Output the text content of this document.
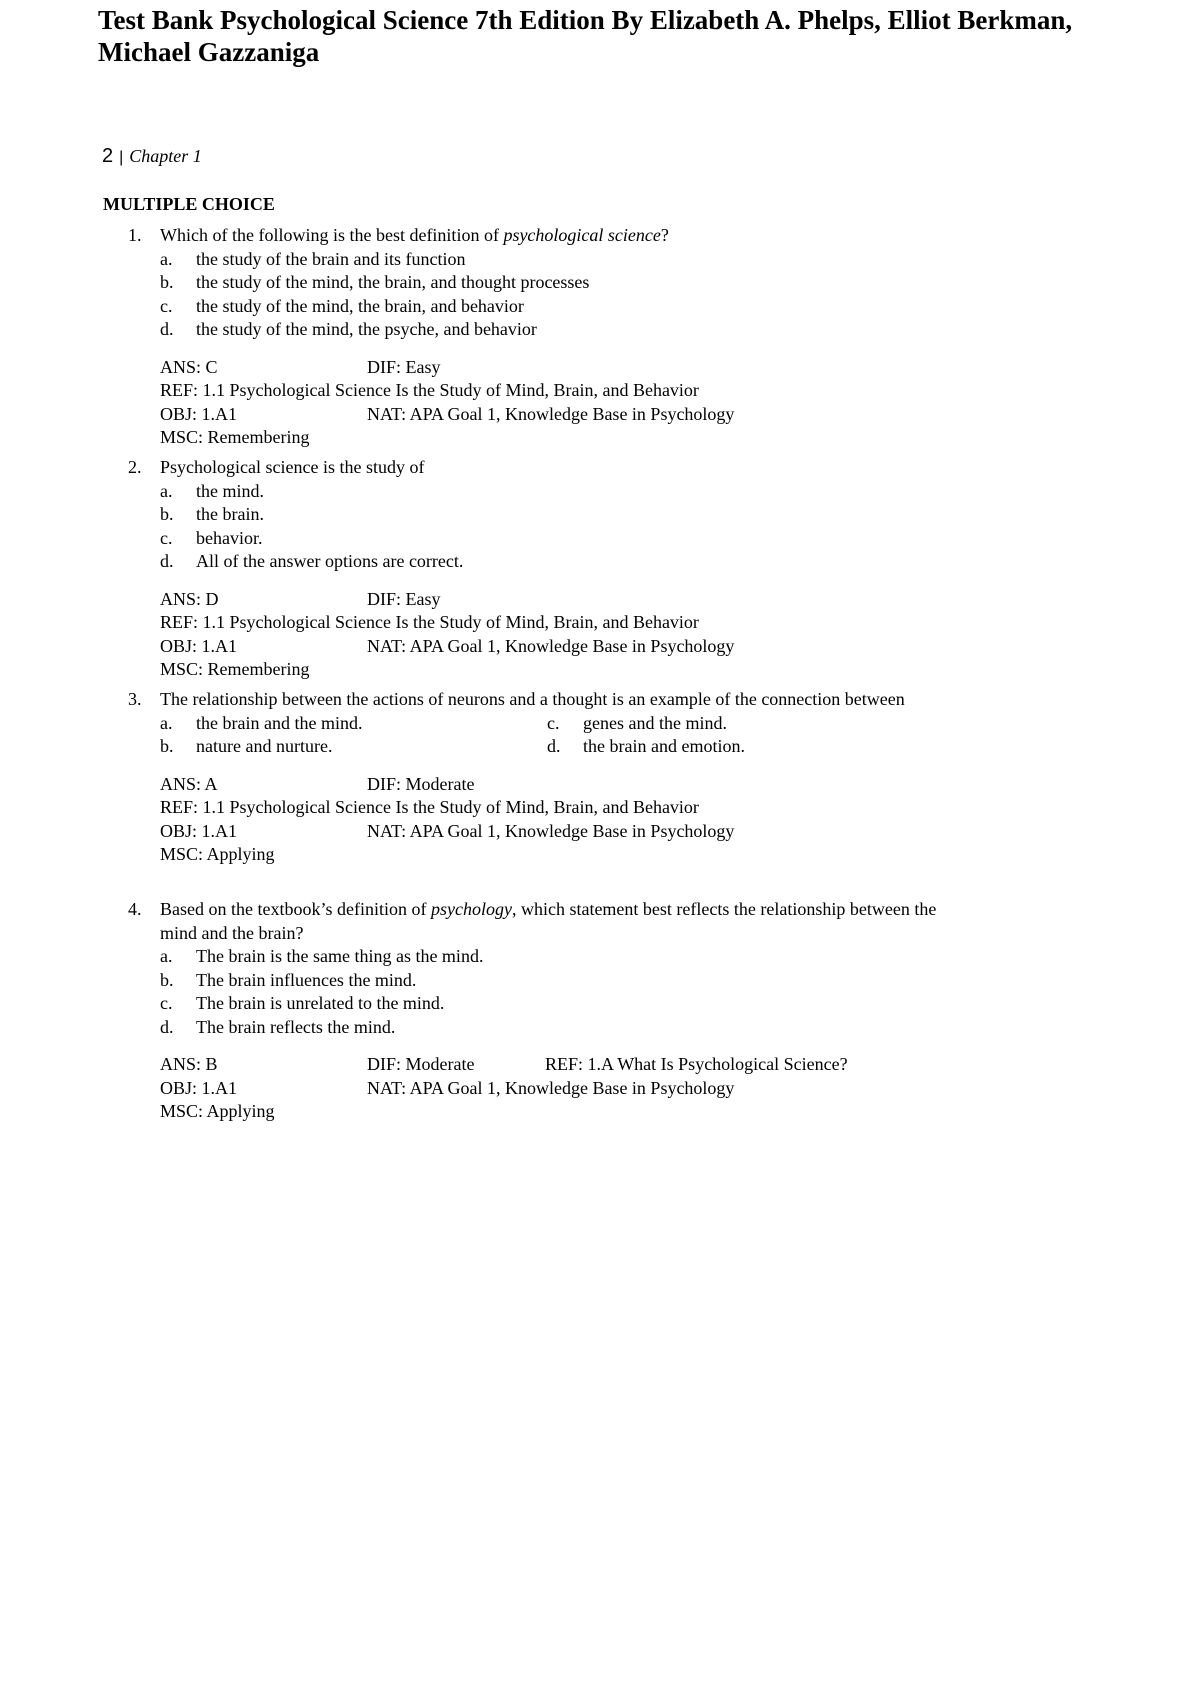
Test Bank Psychological Science 7th Edition By Elizabeth A. Phelps, Elliot Berkman, Michael Gazzaniga
2 | Chapter 1
MULTIPLE CHOICE
1. Which of the following is the best definition of psychological science?
a. the study of the brain and its function
b. the study of the mind, the brain, and thought processes
c. the study of the mind, the brain, and behavior
d. the study of the mind, the psyche, and behavior
ANS: C	DIF: Easy
REF: 1.1 Psychological Science Is the Study of Mind, Brain, and Behavior
OBJ: 1.A1	NAT: APA Goal 1, Knowledge Base in Psychology
MSC: Remembering
2. Psychological science is the study of
a. the mind.
b. the brain.
c. behavior.
d. All of the answer options are correct.
ANS: D	DIF: Easy
REF: 1.1 Psychological Science Is the Study of Mind, Brain, and Behavior
OBJ: 1.A1	NAT: APA Goal 1, Knowledge Base in Psychology
MSC: Remembering
3. The relationship between the actions of neurons and a thought is an example of the connection between
a. the brain and the mind.
b. nature and nurture.
c. genes and the mind.
d. the brain and emotion.
ANS: A	DIF: Moderate
REF: 1.1 Psychological Science Is the Study of Mind, Brain, and Behavior
OBJ: 1.A1	NAT: APA Goal 1, Knowledge Base in Psychology
MSC: Applying
4. Based on the textbook’s definition of psychology, which statement best reflects the relationship between the mind and the brain?
a. The brain is the same thing as the mind.
b. The brain influences the mind.
c. The brain is unrelated to the mind.
d. The brain reflects the mind.
ANS: B	DIF: Moderate	REF: 1.A What Is Psychological Science?
OBJ: 1.A1	NAT: APA Goal 1, Knowledge Base in Psychology
MSC: Applying
